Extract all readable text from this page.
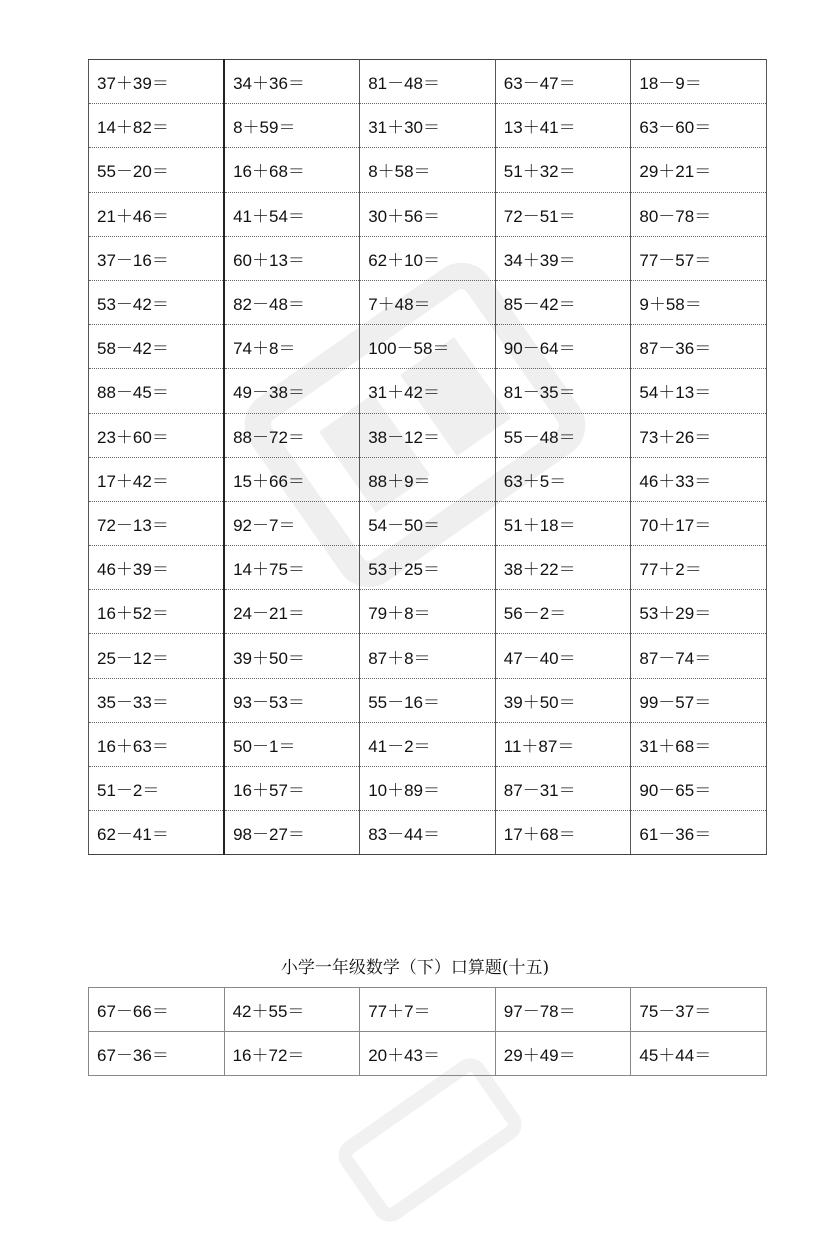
37＋39＝	34＋36＝	81－48＝	63－47＝	18－9＝
14＋82＝	8＋59＝	31＋30＝	13＋41＝	63－60＝
55－20＝	16＋68＝	8＋58＝	51＋32＝	29＋21＝
21＋46＝	41＋54＝	30＋56＝	72－51＝	80－78＝
37－16＝	60＋13＝	62＋10＝	34＋39＝	77－57＝
53－42＝	82－48＝	7＋48＝	85－42＝	9＋58＝
58－42＝	74＋8＝	100－58＝	90－64＝	87－36＝
88－45＝	49－38＝	31＋42＝	81－35＝	54＋13＝
23＋60＝	88－72＝	38－12＝	55－48＝	73＋26＝
17＋42＝	15＋66＝	88＋9＝	63＋5＝	46＋33＝
72－13＝	92－7＝	54－50＝	51＋18＝	70＋17＝
46＋39＝	14＋75＝	53＋25＝	38＋22＝	77＋2＝
16＋52＝	24－21＝	79＋8＝	56－2＝	53＋29＝
25－12＝	39＋50＝	87＋8＝	47－40＝	87－74＝
35－33＝	93－53＝	55－16＝	39＋50＝	99－57＝
16＋63＝	50－1＝	41－2＝	11＋87＝	31＋68＝
51－2＝	16＋57＝	10＋89＝	87－31＝	90－65＝
62－41＝	98－27＝	83－44＝	17＋68＝	61－36＝
小学一年级数学（下）口算题(十五)
67－66＝	42＋55＝	77＋7＝	97－78＝	75－37＝
67－36＝	16＋72＝	20＋43＝	29＋49＝	45＋44＝
